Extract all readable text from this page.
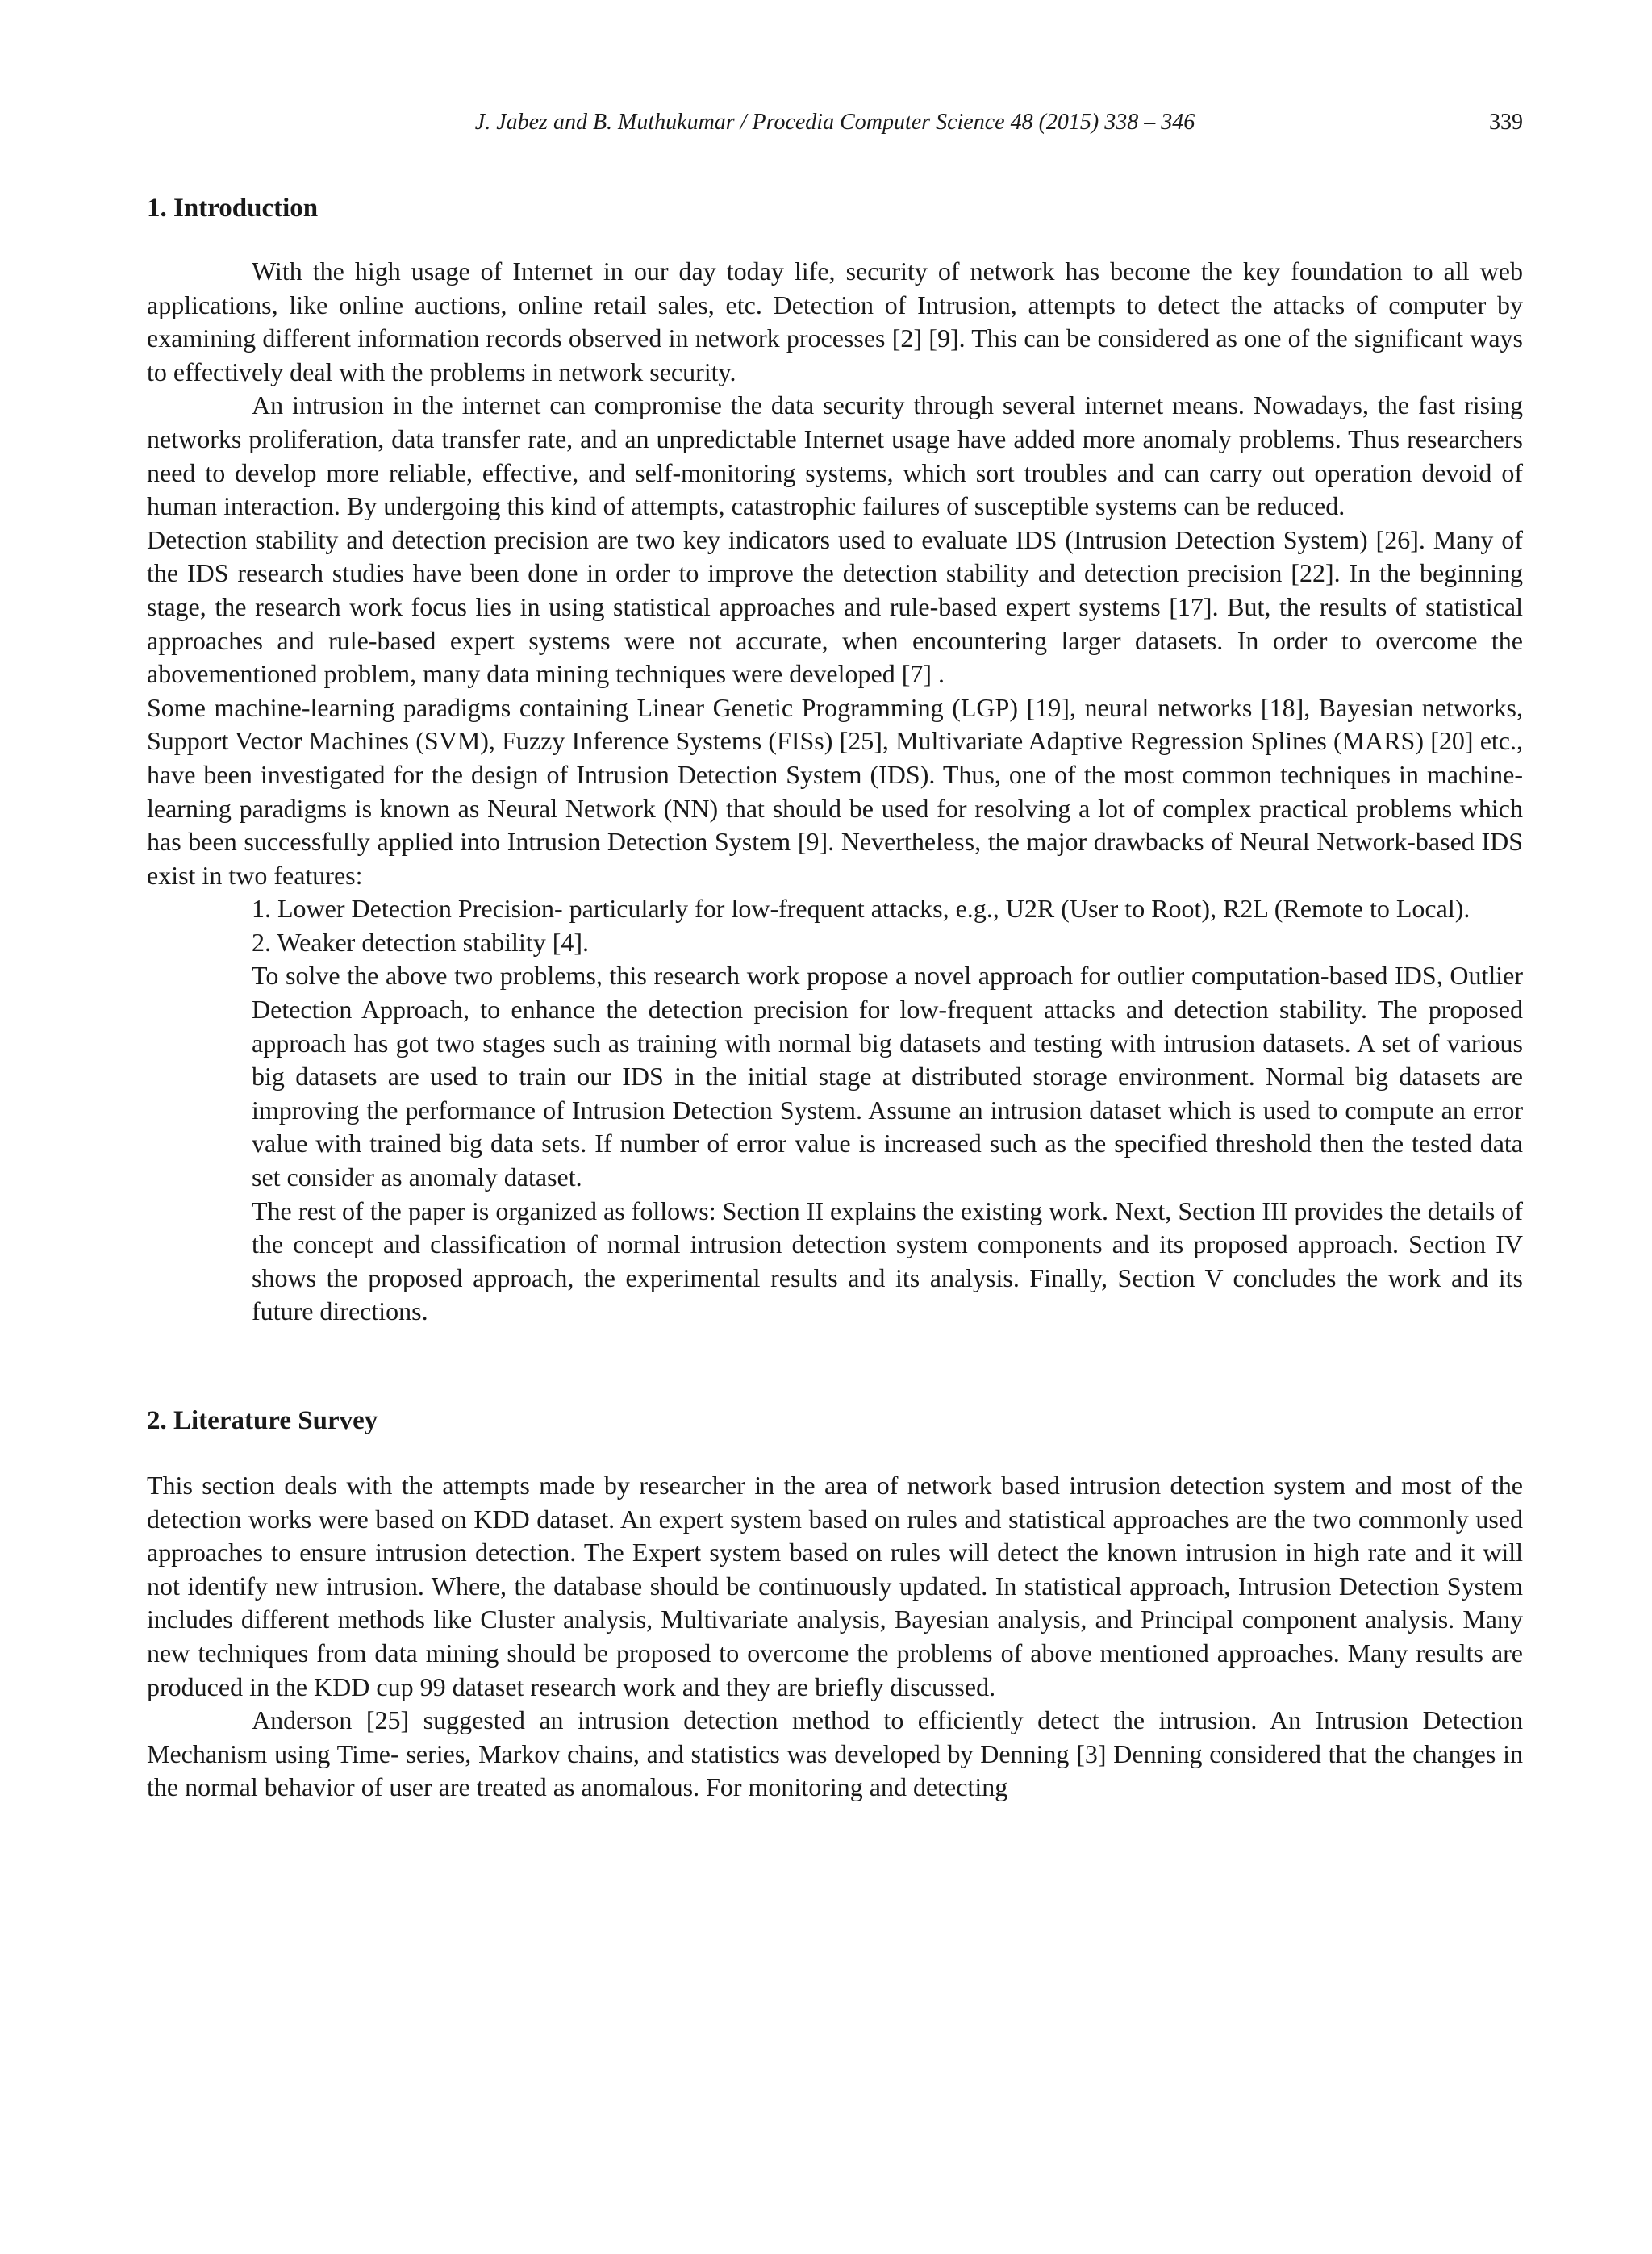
J. Jabez and B. Muthukumar / Procedia Computer Science 48 (2015) 338 – 346	339
1. Introduction

With the high usage of Internet in our day today life, security of network has become the key foundation to all web applications, like online auctions, online retail sales, etc. Detection of Intrusion, attempts to detect the attacks of computer by examining different information records observed in network processes [2] [9]. This can be considered as one of the significant ways to effectively deal with the problems in network security.

An intrusion in the internet can compromise the data security through several internet means. Nowadays, the fast rising networks proliferation, data transfer rate, and an unpredictable Internet usage have added more anomaly problems. Thus researchers need to develop more reliable, effective, and self-monitoring systems, which sort troubles and can carry out operation devoid of human interaction. By undergoing this kind of attempts, catastrophic failures of susceptible systems can be reduced.

Detection stability and detection precision are two key indicators used to evaluate IDS (Intrusion Detection System) [26]. Many of the IDS research studies have been done in order to improve the detection stability and detection precision [22]. In the beginning stage, the research work focus lies in using statistical approaches and rule-based expert systems [17]. But, the results of statistical approaches and rule-based expert systems were not accurate, when encountering larger datasets. In order to overcome the abovementioned problem, many data mining techniques were developed [7] .

Some machine-learning paradigms containing Linear Genetic Programming (LGP) [19], neural networks [18], Bayesian networks, Support Vector Machines (SVM), Fuzzy Inference Systems (FISs) [25], Multivariate Adaptive Regression Splines (MARS) [20] etc., have been investigated for the design of Intrusion Detection System (IDS). Thus, one of the most common techniques in machine-learning paradigms is known as Neural Network (NN) that should be used for resolving a lot of complex practical problems which has been successfully applied into Intrusion Detection System [9]. Nevertheless, the major drawbacks of Neural Network-based IDS exist in two features:

1. Lower Detection Precision- particularly for low-frequent attacks, e.g., U2R (User to Root), R2L (Remote to Local).

2. Weaker detection stability [4].

To solve the above two problems, this research work propose a novel approach for outlier computation-based IDS, Outlier Detection Approach, to enhance the detection precision for low-frequent attacks and detection stability. The proposed approach has got two stages such as training with normal big datasets and testing with intrusion datasets. A set of various big datasets are used to train our IDS in the initial stage at distributed storage environment. Normal big datasets are improving the performance of Intrusion Detection System. Assume an intrusion dataset which is used to compute an error value with trained big data sets. If number of error value is increased such as the specified threshold then the tested data set consider as anomaly dataset.

The rest of the paper is organized as follows: Section II explains the existing work. Next, Section III provides the details of the concept and classification of normal intrusion detection system components and its proposed approach. Section IV shows the proposed approach, the experimental results and its analysis. Finally, Section V concludes the work and its future directions.

2. Literature Survey

This section deals with the attempts made by researcher in the area of network based intrusion detection system and most of the detection works were based on KDD dataset. An expert system based on rules and statistical approaches are the two commonly used approaches to ensure intrusion detection. The Expert system based on rules will detect the known intrusion in high rate and it will not identify new intrusion. Where, the database should be continuously updated. In statistical approach, Intrusion Detection System includes different methods like Cluster analysis, Multivariate analysis, Bayesian analysis, and Principal component analysis. Many new techniques from data mining should be proposed to overcome the problems of above mentioned approaches. Many results are produced in the KDD cup 99 dataset research work and they are briefly discussed.

Anderson [25] suggested an intrusion detection method to efficiently detect the intrusion. An Intrusion Detection Mechanism using Time- series, Markov chains, and statistics was developed by Denning [3] Denning considered that the changes in the normal behavior of user are treated as anomalous. For monitoring and detecting
